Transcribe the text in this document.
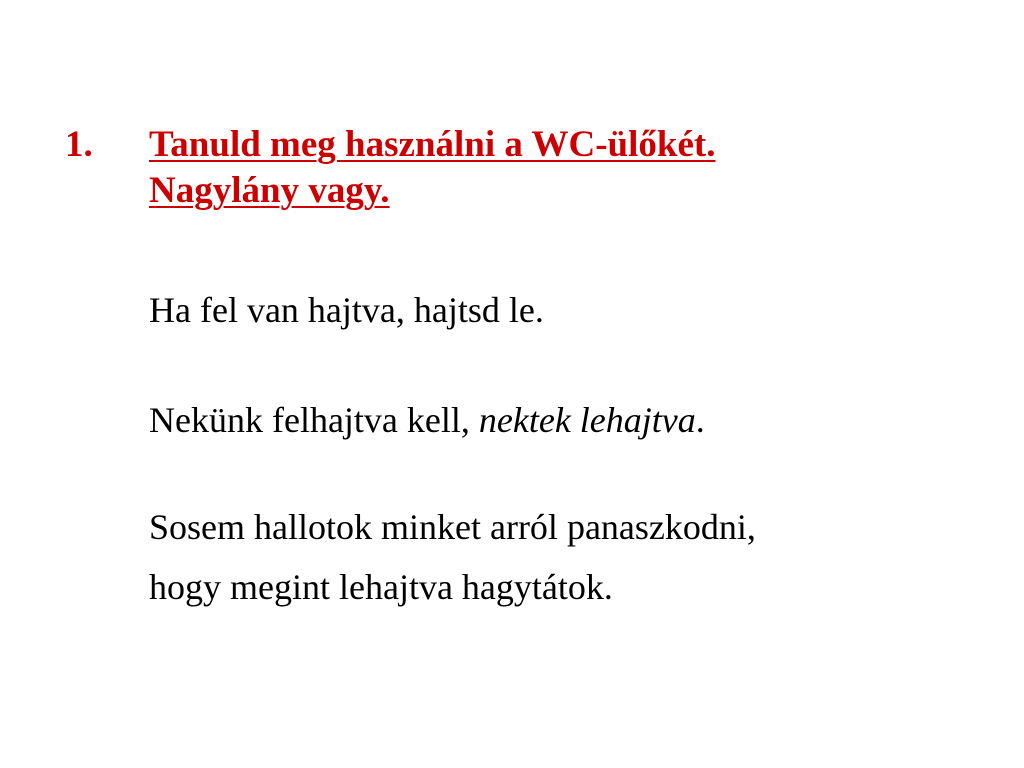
1. Tanuld meg használni a WC-ülőkét.
Nagylány vagy.

Ha fel van hajtva, hajtsd le.

Nekünk felhajtva kell, nektek lehajtva.

Sosem hallotok minket arról panaszkodni,
hogy megint lehajtva hagytátok.
